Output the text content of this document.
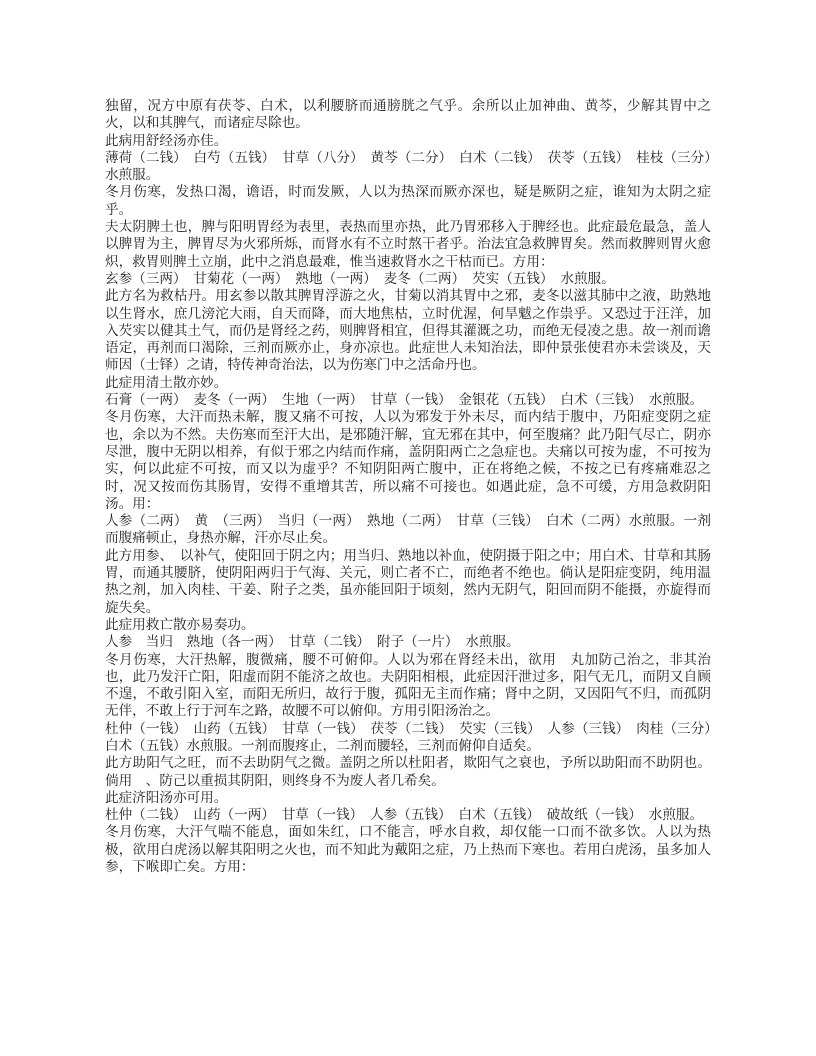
独留，况方中原有茯苓、白术，以利腰脐而通膀胱之气乎。余所以止加神曲、黄芩，少解其胃中之火，以和其脾气，而诸症尽除也。

此病用舒经汤亦佳。

薄荷（二钱）　白芍（五钱）　甘草（八分）　黄芩（二分）　白术（二钱）　茯苓（五钱）　桂枝（三分）　水煎服。

冬月伤寒，发热口渴，谵语，时而发厥，人以为热深而厥亦深也，疑是厥阴之症，谁知为太阴之症乎。

夫太阴脾土也，脾与阳明胃经为表里，表热而里亦热，此乃胃邪移入于脾经也。此症最危最急，盖人以脾胃为主，脾胃尽为火邪所烁，而肾水有不立时熬干者乎。治法宜急救脾胃矣。然而救脾则胃火愈炽，救胃则脾土立崩，此中之消息最难，惟当速救肾水之干枯而已。方用：

玄参（三两）　甘菊花（一两）　熟地（一两）　麦冬（二两）　芡实（五钱）　水煎服。

此方名为救枯丹。用玄参以散其脾胃浮游之火，甘菊以消其胃中之邪，麦冬以滋其肺中之液，助熟地以生肾水，庶几滂沱大雨，自天而降，而大地焦枯，立时优渥，何旱魃之作祟乎。又恐过于汪洋，加入芡实以健其土气，而仍是肾经之药，则脾肾相宜，但得其灌溉之功，而绝无侵凌之患。故一剂而谵语定，再剂而口渴除，三剂而厥亦止，身亦凉也。此症世人未知治法，即仲景张使君亦未尝谈及，天师因（士铎）之请，特传神奇治法，以为伤寒门中之活命丹也。

此症用清土散亦妙。

石膏（一两）　麦冬（一两）　生地（一两）　甘草（一钱）　金银花（五钱）　白术（三钱）　水煎服。

冬月伤寒，大汗而热未解，腹又痛不可按，人以为邪发于外未尽，而内结于腹中，乃阳症变阴之症也，余以为不然。夫伤寒而至汗大出，是邪随汗解，宜无邪在其中，何至腹痛？此乃阳气尽亡，阴亦尽泄，腹中无阴以相养，有似于邪之内结而作痛，盖阴阳两亡之急症也。夫痛以可按为虚，不可按为实，何以此症不可按，而又以为虚乎？不知阴阳两亡腹中，正在将绝之候，不按之已有疼痛难忍之时，况又按而伤其肠胃，安得不重增其苦，所以痛不可接也。如遇此症，急不可缓，方用急救阴阳汤。用：

人参（二两）　黄　（三两）　当归（一两）　熟地（二两）　甘草（三钱）　白术（二两）水煎服。一剂而腹痛顿止，身热亦解，汗亦尽止矣。

此方用参、　以补气，使阳回于阴之内；用当归、熟地以补血，使阴摄于阳之中；用白术、甘草和其肠胃，而通其腰脐，使阴阳两归于气海、关元，则亡者不亡，而绝者不绝也。倘认是阳症变阴，纯用温热之剂，加入肉桂、干姜、附子之类，虽亦能回阳于顷刻，然内无阴气，阳回而阴不能摄，亦旋得而旋失矣。

此症用救亡散亦易奏功。

人参　当归　熟地（各一两）　甘草（二钱）　附子（一片）　水煎服。

冬月伤寒，大汗热解，腹微痛，腰不可俯仰。人以为邪在肾经未出，欲用　丸加防己治之，非其治也，此乃发汗亡阳，阳虚而阴不能济之故也。夫阴阳相根，此症因汗泄过多，阳气无几，而阴又自顾不遑，不敢引阳入室，而阳无所归，故行于腹，孤阳无主而作痛；肾中之阴，又因阳气不归，而孤阴无伴，不敢上行于河车之路，故腰不可以俯仰。方用引阳汤治之。

杜仲（一钱）　山药（五钱）　甘草（一钱）　茯苓（二钱）　芡实（三钱）　人参（三钱）　肉桂（三分）白术（五钱）水煎服。一剂而腹疼止，二剂而腰轻，三剂而俯仰自适矣。

此方助阳气之旺，而不去助阴气之微。盖阴之所以杜阳者，欺阳气之衰也，予所以助阳而不助阴也。倘用　、防己以重损其阴阳，则终身不为废人者几希矣。

此症济阳汤亦可用。

杜仲（二钱）　山药（一两）　甘草（一钱）　人参（五钱）　白术（五钱）　破故纸（一钱）　水煎服。

冬月伤寒，大汗气喘不能息，面如朱红，口不能言，呼水自救，却仅能一口而不欲多饮。人以为热极，欲用白虎汤以解其阳明之火也，而不知此为戴阳之症，乃上热而下寒也。若用白虎汤，虽多加人参，下喉即亡矣。方用：
